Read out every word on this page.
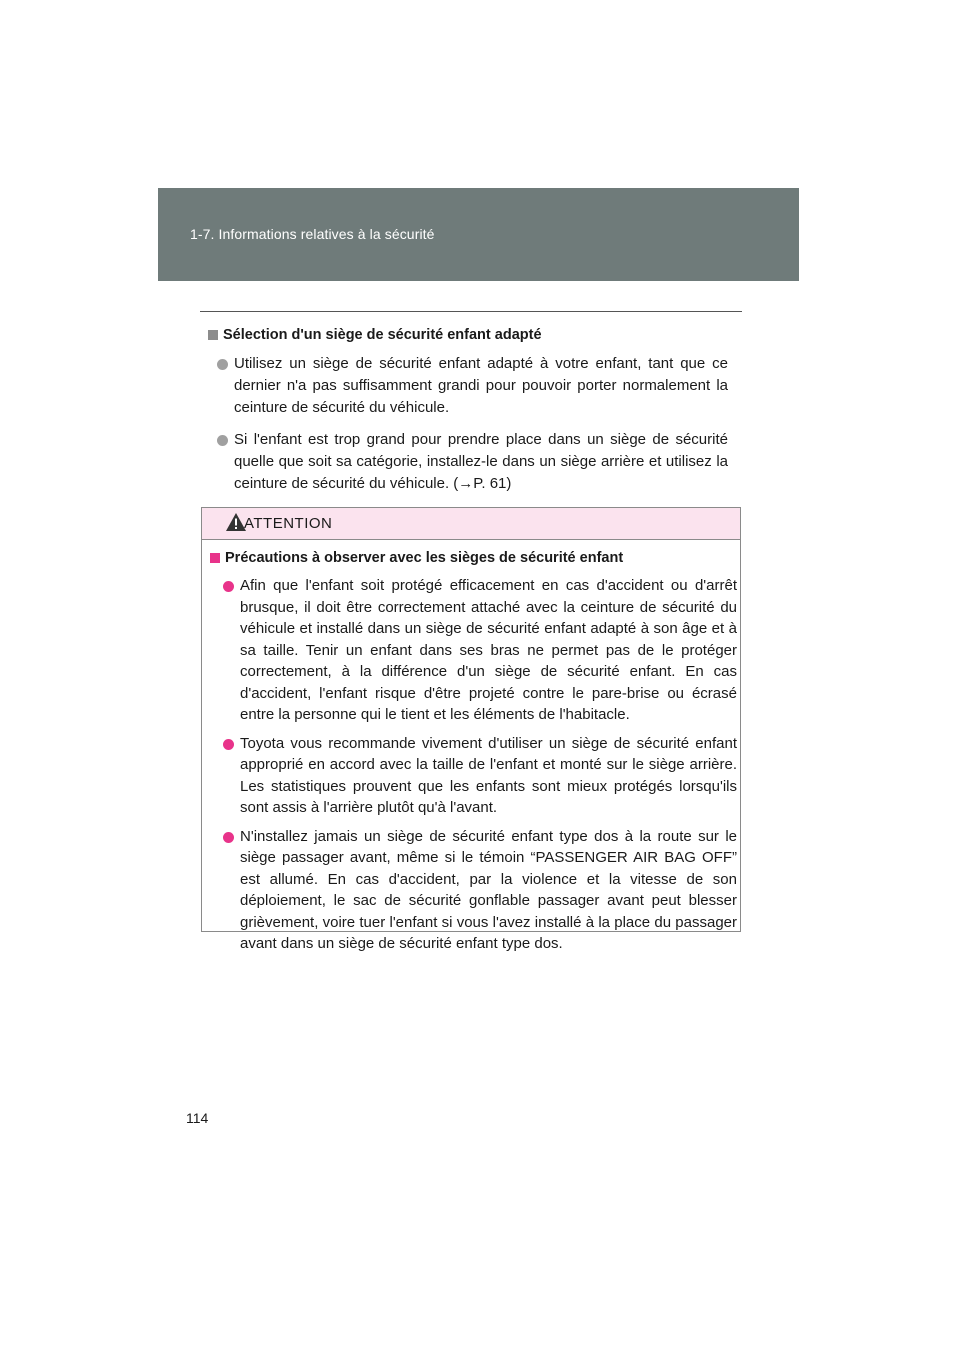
1-7. Informations relatives à la sécurité
Sélection d'un siège de sécurité enfant adapté
Utilisez un siège de sécurité enfant adapté à votre enfant, tant que ce dernier n'a pas suffisamment grandi pour pouvoir porter normalement la ceinture de sécurité du véhicule.
Si l'enfant est trop grand pour prendre place dans un siège de sécurité quelle que soit sa catégorie, installez-le dans un siège arrière et utilisez la ceinture de sécurité du véhicule. (→P. 61)
ATTENTION
Précautions à observer avec les sièges de sécurité enfant
Afin que l'enfant soit protégé efficacement en cas d'accident ou d'arrêt brusque, il doit être correctement attaché avec la ceinture de sécurité du véhicule et installé dans un siège de sécurité enfant adapté à son âge et à sa taille. Tenir un enfant dans ses bras ne permet pas de le protéger correctement, à la différence d'un siège de sécurité enfant. En cas d'accident, l'enfant risque d'être projeté contre le pare-brise ou écrasé entre la personne qui le tient et les éléments de l'habitacle.
Toyota vous recommande vivement d'utiliser un siège de sécurité enfant approprié en accord avec la taille de l'enfant et monté sur le siège arrière. Les statistiques prouvent que les enfants sont mieux protégés lorsqu'ils sont assis à l'arrière plutôt qu'à l'avant.
N'installez jamais un siège de sécurité enfant type dos à la route sur le siège passager avant, même si le témoin “PASSENGER AIR BAG OFF” est allumé. En cas d'accident, par la violence et la vitesse de son déploiement, le sac de sécurité gonflable passager avant peut blesser grièvement, voire tuer l'enfant si vous l'avez installé à la place du passager avant dans un siège de sécurité enfant type dos.
114
